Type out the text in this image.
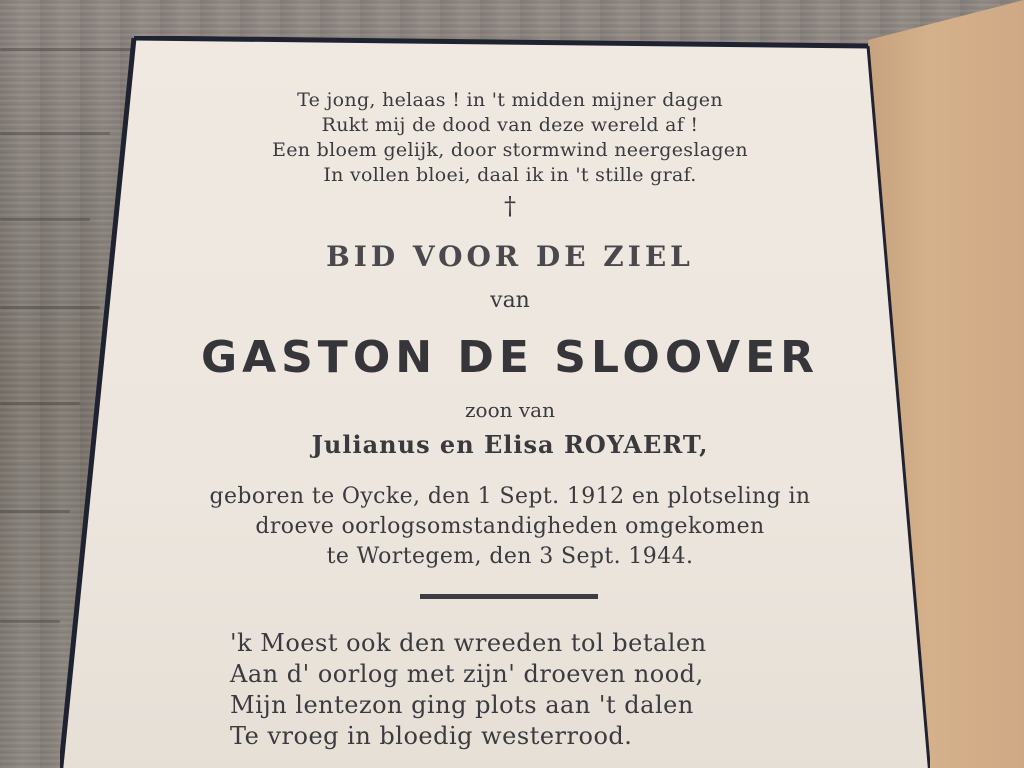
Te jong, helaas ! in 't midden mijner dagen
Rukt mij de dood van deze wereld af !
Een bloem gelijk, door stormwind neergeslagen
In vollen bloei, daal ik in 't stille graf.
†
BID VOOR DE ZIEL
van
GASTON DE SLOOVER
zoon van
Julianus en Elisa ROYAERT,
geboren te Oycke, den 1 Sept. 1912 en plotseling in
droeve oorlogsomstandigheden omgekomen
te Wortegem, den 3 Sept. 1944.
'k Moest ook den wreeden tol betalen
Aan d' oorlog met zijn' droeven nood,
Mijn lentezon ging plots aan 't dalen
Te vroeg in bloedig westerrood.
